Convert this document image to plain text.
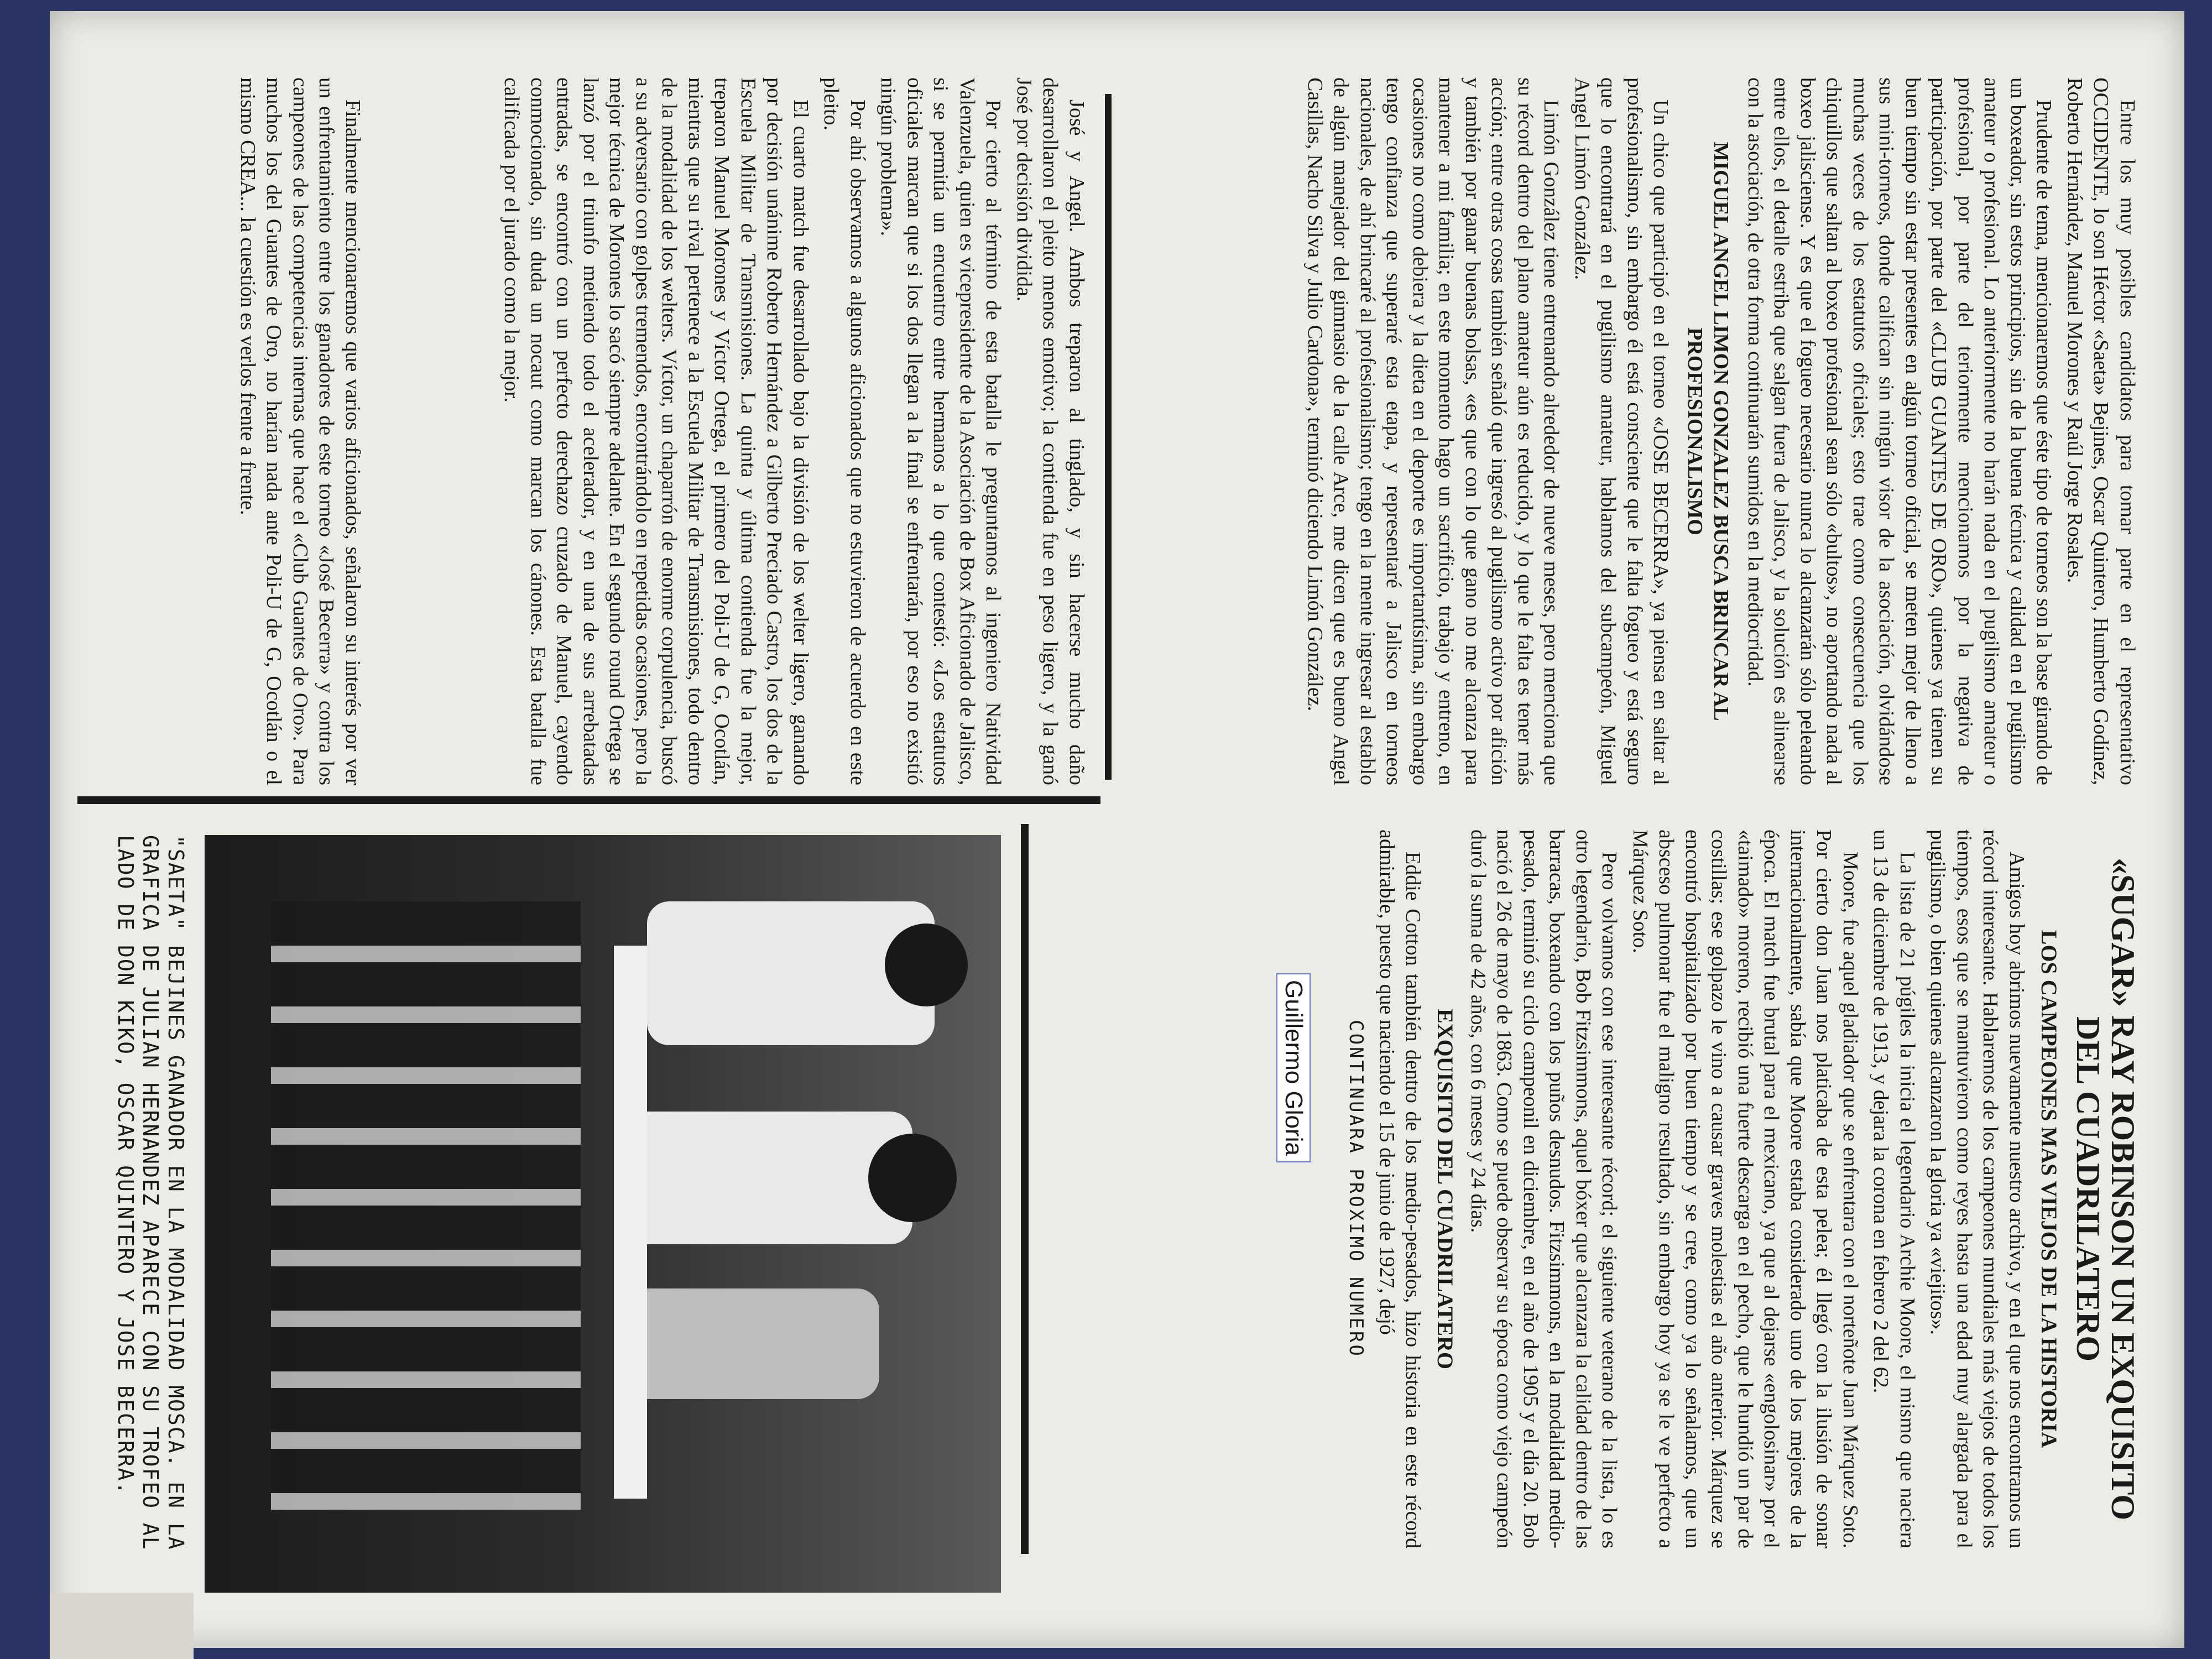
Entre los muy posibles candidatos para tomar parte en el representativo OCCIDENTE, lo son Héctor «Saeta» Bejines, Oscar Quintero, Humberto Godínez, Roberto Hernández, Manuel Morones y Raúl Jorge Rosales.

Prudente de tema, mencionaremos que éste tipo de torneos son la base girando de un boxeador, sin estos principios, sin de la buena técnica y calidad en el pugilismo amateur o profesional. Lo anteriormente no harán nada en el pugilismo amateur o profesional, por parte del teriormente mencionamos por la negativa de participación, por parte del «CLUB GUANTES DE ORO», quienes ya tienen su buen tiempo sin estar presentes en algún torneo oficial, se meten mejor de lleno a sus mini-torneos, donde califican sin ningún visor de la asociación, olvidándose muchas veces de los estatutos oficiales; esto trae como consecuencia que los chiquillos que saltan al boxeo profesional sean sólo «bultos», no aportando nada al boxeo jalisciense. Y es que el fogueo necesario nunca lo alcanzarán sólo peleando entre ellos, el detalle estriba que salgan fuera de Jalisco, y la solución es alinearse con la asociación, de otra forma continuarán sumidos en la mediocridad.

MIGUEL ANGEL LIMON GONZALEZ BUSCA BRINCAR AL PROFESIONALISMO

Un chico que participó en el torneo «JOSE BECERRA», ya piensa en saltar al profesionalismo, sin embargo él está consciente que le falta fogueo y está seguro que lo encontrará en el pugilismo amateur, hablamos del subcampeón, Miguel Angel Limón González.

Limón González tiene entrenando alrededor de nueve meses, pero menciona que su récord dentro del plano amateur aún es reducido, y lo que le falta es tener más acción; entre otras cosas también señaló que ingresó al pugilismo activo por afición y también por ganar buenas bolsas, «es que con lo que gano no me alcanza para mantener a mi familia; en este momento hago un sacrificio, trabajo y entreno, en ocasiones no como debiera y la dieta en el deporte es importantísima, sin embargo tengo confianza que superaré esta etapa, y representaré a Jalisco en torneos nacionales, de ahí brincaré al profesionalismo; tengo en la mente ingresar al establo de algún manejador del gimnasio de la calle Arce, me dicen que es bueno Angel Casillas, Nacho Silva y Julio Cardona», terminó diciendo Limón González.

«SUGAR» RAY ROBINSON UN EXQUISITO DEL CUADRILATERO
LOS CAMPEONES MAS VIEJOS DE LA HISTORIA

Amigos hoy abrimos nuevamente nuestro archivo, y en el que nos encontramos un récord interesante. Hablaremos de los campeones mundiales más viejos de todos los tiempos, esos que se mantuvieron como reyes hasta una edad muy alargada para el pugilismo, o bien quienes alcanzaron la gloria ya «viejitos».

La lista de 21 púgiles la inicia el legendario Archie Moore, el mismo que naciera un 13 de diciembre de 1913, y dejara la corona en febrero 2 del 62.

Moore, fue aquel gladiador que se enfrentara con el norteñote Juan Márquez Soto. Por cierto don Juan nos platicaba de esta pelea; él llegó con la ilusión de sonar internacionalmente, sabía que Moore estaba considerado uno de los mejores de la época. El match fue brutal para el mexicano, ya que al dejarse «engolosinar» por el «taimado» moreno, recibió una fuerte descarga en el pecho, que le hundió un par de costillas; ese golpazo le vino a causar graves molestias el año anterior. Márquez se encontró hospitalizado por buen tiempo y se cree, como ya lo señalamos, que un absceso pulmonar fue el maligno resultado, sin embargo hoy ya se le ve perfecto a Márquez Soto.

Pero volvamos con ese interesante récord; el siguiente veterano de la lista, lo es otro legendario, Bob Fitzsimmons, aquel bóxer que alcanzara la calidad dentro de las barracas, boxeando con los puños desnudos. Fitzsimmons, en la modalidad medio-pesado, terminó su ciclo campeonil en diciembre, en el año de 1905 y el día 20. Bob nació el 26 de mayo de 1863. Como se puede observar su época como viejo campeón duró la suma de 42 años, con 6 meses y 24 días.

EXQUISITO DEL CUADRILATERO

Eddie Cotton también dentro de los medio-pesados, hizo historia en este récord admirable, puesto que naciendo el 15 de junio de 1927, dejó

CONTINUARA PROXIMO NUMERO
Guillermo Gloria

José y Angel. Ambos treparon al tinglado, y sin hacerse mucho daño desarrollaron el pleito menos emotivo; la contienda fue en peso ligero, y la ganó José por decisión dividida.

Por cierto al término de esta batalla le preguntamos al ingeniero Natividad Valenzuela, quien es vicepresidente de la Asociación de Box Aficionado de Jalisco, si se permitía un encuentro entre hermanos a lo que contestó: «Los estatutos oficiales marcan que si los dos llegan a la final se enfrentarán, por eso no existió ningún problema».

Por ahí observamos a algunos aficionados que no estuvieron de acuerdo en este pleito.

El cuarto match fue desarrollado bajo la división de los welter ligero, ganando por decisión unánime Roberto Hernández a Gilberto Preciado Castro, los dos de la Escuela Militar de Transmisiones. La quinta y última contienda fue la mejor, treparon Manuel Morones y Víctor Ortega, el primero del Poli-U de G, Ocotlán, mientras que su rival pertenece a la Escuela Militar de Transmisiones, todo dentro de la modalidad de los welters. Víctor, un chaparrón de enorme corpulencia, buscó a su adversario con golpes tremendos, encontrándolo en repetidas ocasiones, pero la mejor técnica de Morones lo sacó siempre adelante. En el segundo round Ortega se lanzó por el triunfo metiendo todo el acelerador, y en una de sus arrebatadas entradas, se encontró con un perfecto derechazo cruzado de Manuel, cayendo conmocionado, sin duda un nocaut como marcan los cánones. Esta batalla fue calificada por el jurado como la mejor.

Finalmente mencionaremos que varios aficionados, señalaron su interés por ver un enfrentamiento entre los ganadores de este torneo «José Becerra» y contra los campeones de las competencias internas que hace el «Club Guantes de Oro». Para muchos los del Guantes de Oro, no harían nada ante Poli-U de G, Ocotlán o el mismo CREA... la cuestión es verlos frente a frente.

"SAETA" BEJINES GANADOR EN LA MODALIDAD MOSCA. EN LA GRAFICA DE JULIAN HERNANDEZ APARECE CON SU TROFEO AL LADO DE DON KIKO, OSCAR QUINTERO Y JOSE BECERRA.
